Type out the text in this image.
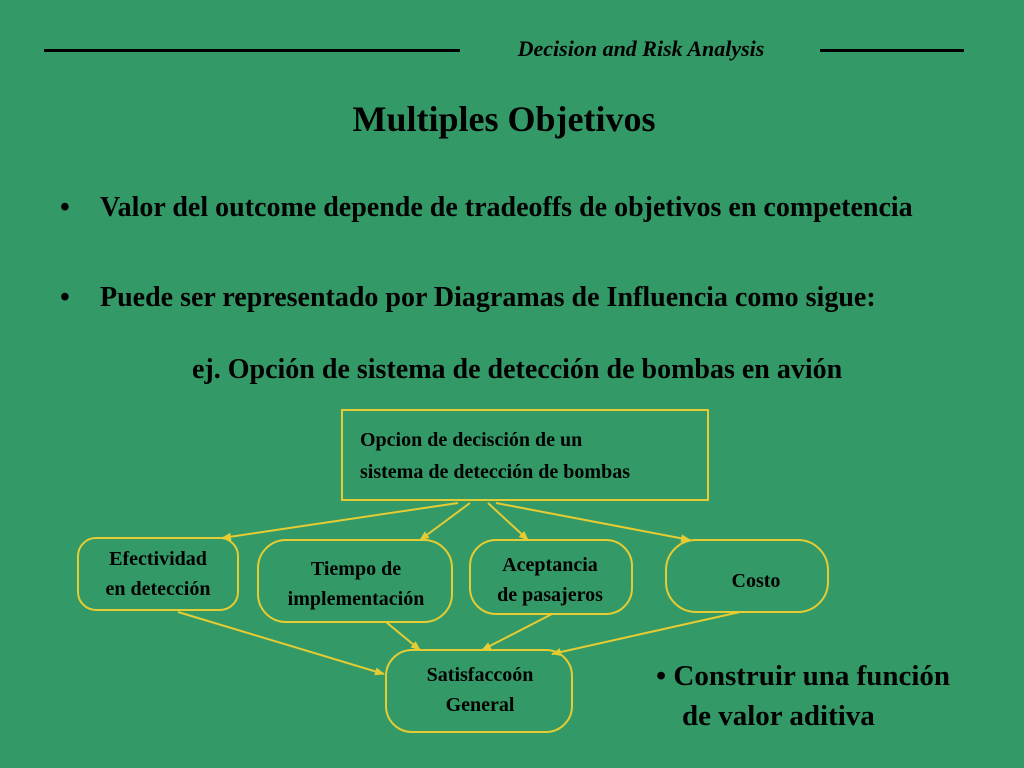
Decision and Risk Analysis
Multiples Objetivos
• Valor del outcome depende de tradeoffs de objetivos en competencia
• Puede ser representado por Diagramas de Influencia como sigue:
ej. Opción de sistema de detección de bombas en avión
Opcion de decisción de un
sistema de detección de bombas
Efectividad
en detección
Tiempo de
implementación
Aceptancia
de pasajeros
Costo
Satisfaccoón
General
• Construir una función
de valor aditiva
